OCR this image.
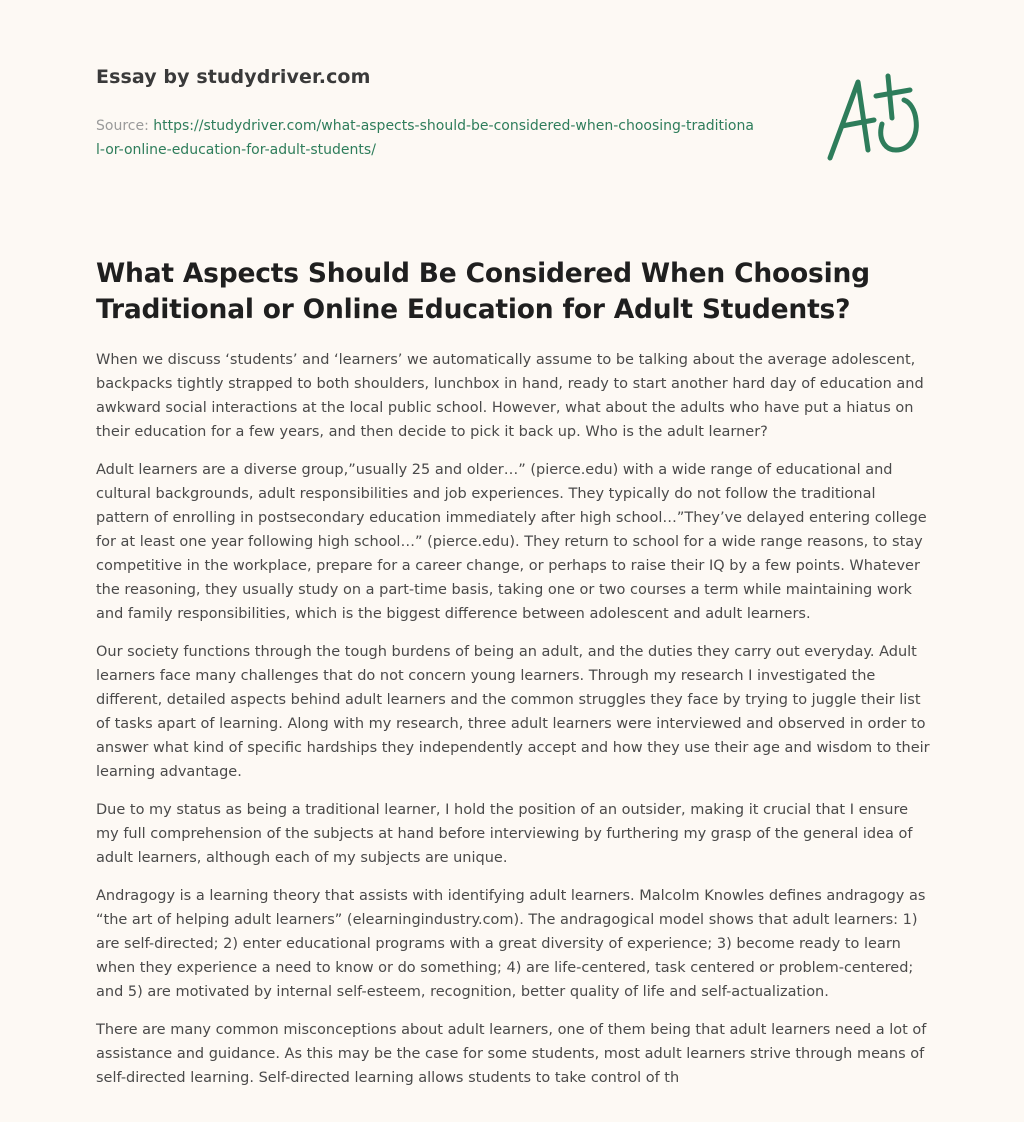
Essay by studydriver.com
Source: https://studydriver.com/what-aspects-should-be-considered-when-choosing-traditional-or-online-education-for-adult-students/
What Aspects Should Be Considered When Choosing Traditional or Online Education for Adult Students?

When we discuss ‘students’ and ‘learners’ we automatically assume to be talking about the average adolescent, backpacks tightly strapped to both shoulders, lunchbox in hand, ready to start another hard day of education and awkward social interactions at the local public school. However, what about the adults who have put a hiatus on their education for a few years, and then decide to pick it back up. Who is the adult learner?

Adult learners are a diverse group,”usually 25 and older…” (pierce.edu) with a wide range of educational and cultural backgrounds, adult responsibilities and job experiences. They typically do not follow the traditional pattern of enrolling in postsecondary education immediately after high school…”They’ve delayed entering college for at least one year following high school…” (pierce.edu). They return to school for a wide range reasons, to stay competitive in the workplace, prepare for a career change, or perhaps to raise their IQ by a few points. Whatever the reasoning, they usually study on a part-time basis, taking one or two courses a term while maintaining work and family responsibilities, which is the biggest difference between adolescent and adult learners.

Our society functions through the tough burdens of being an adult, and the duties they carry out everyday. Adult learners face many challenges that do not concern young learners. Through my research I investigated the different, detailed aspects behind adult learners and the common struggles they face by trying to juggle their list of tasks apart of learning. Along with my research, three adult learners were interviewed and observed in order to answer what kind of specific hardships they independently accept and how they use their age and wisdom to their learning advantage.

Due to my status as being a traditional learner, I hold the position of an outsider, making it crucial that I ensure my full comprehension of the subjects at hand before interviewing by furthering my grasp of the general idea of adult learners, although each of my subjects are unique.

Andragogy is a learning theory that assists with identifying adult learners. Malcolm Knowles defines andragogy as “the art of helping adult learners” (elearningindustry.com). The andragogical model shows that adult learners: 1) are self-directed; 2) enter educational programs with a great diversity of experience; 3) become ready to learn when they experience a need to know or do something; 4) are life-centered, task centered or problem-centered; and 5) are motivated by internal self-esteem, recognition, better quality of life and self-actualization.

There are many common misconceptions about adult learners, one of them being that adult learners need a lot of assistance and guidance. As this may be the case for some students, most adult learners strive through means of self-directed learning. Self-directed learning allows students to take control of th
